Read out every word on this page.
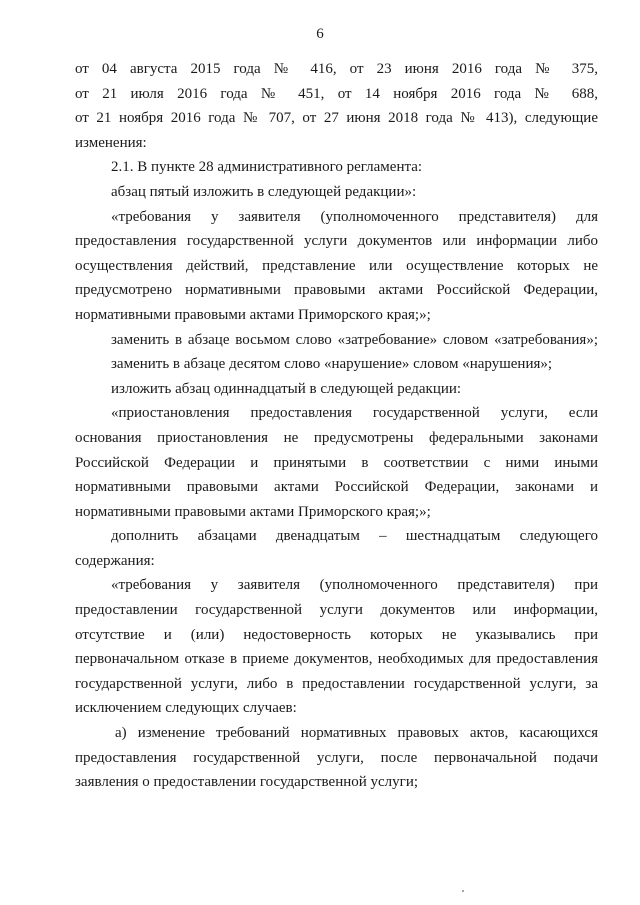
6
от 04 августа 2015 года № 416, от 23 июня 2016 года № 375,
от 21 июля 2016 года № 451, от 14 ноября 2016 года № 688,
от 21 ноября 2016 года № 707, от 27 июня 2018 года № 413), следующие
изменения:
2.1. В пункте 28 административного регламента:
абзац пятый изложить в следующей редакции»:
«требования у заявителя (уполномоченного представителя) для
предоставления государственной услуги документов или информации либо
осуществления действий, представление или осуществление которых не
предусмотрено нормативными правовыми актами Российской Федерации,
нормативными правовыми актами Приморского края;»;
заменить в абзаце восьмом слово «затребование» словом «затребования»;
заменить в абзаце десятом слово «нарушение» словом «нарушения»;
изложить абзац одиннадцатый в следующей редакции:
«приостановления предоставления государственной услуги, если
основания приостановления не предусмотрены федеральными законами
Российской Федерации и принятыми в соответствии с ними иными
нормативными правовыми актами Российской Федерации, законами и
нормативными правовыми актами Приморского края;»;
дополнить абзацами двенадцатым – шестнадцатым следующего
содержания:
«требования у заявителя (уполномоченного представителя) при
предоставлении государственной услуги документов или информации,
отсутствие и (или) недостоверность которых не указывались при
первоначальном отказе в приеме документов, необходимых для предоставления
государственной услуги, либо в предоставлении государственной услуги, за
исключением следующих случаев:
а) изменение требований нормативных правовых актов, касающихся
предоставления государственной услуги, после первоначальной подачи
заявления о предоставлении государственной услуги;
